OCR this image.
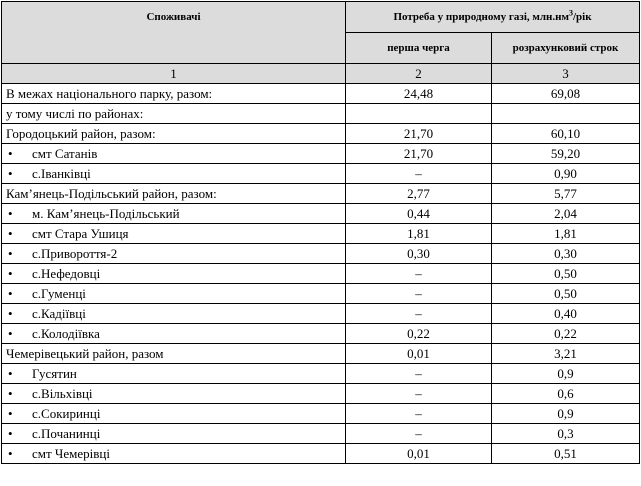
Споживачі	Потреба у природному газі, $млн.нм^3$/рік	
	перша черга	розрахунковий строк
1	2	3
В межах національного парку, разом:	24,48	69,08
у тому числі по районах:		
Городоцький район, разом:	21,70	60,10

• смт Сатанів	21,70	59,20

• с.Іванківці	–	0,90
Кам’янець-Подільський район, разом:	2,77	5,77

• м. Кам’янець-Подільський	0,44	2,04

• смт Стара Ушиця	1,81	1,81

• с.Привороття-2	0,30	0,30

• с.Нефедовці	–	0,50

• с.Гуменці	–	0,50

• с.Кадіївці	–	0,40

• с.Колодіївка	0,22	0,22
Чемерівецький район, разом	0,01	3,21

• Гусятин	–	0,9

• с.Вільхівці	–	0,6

• с.Сокиринці	–	0,9

• с.Почанинці	–	0,3

• смт Чемерівці	0,01	0,51
